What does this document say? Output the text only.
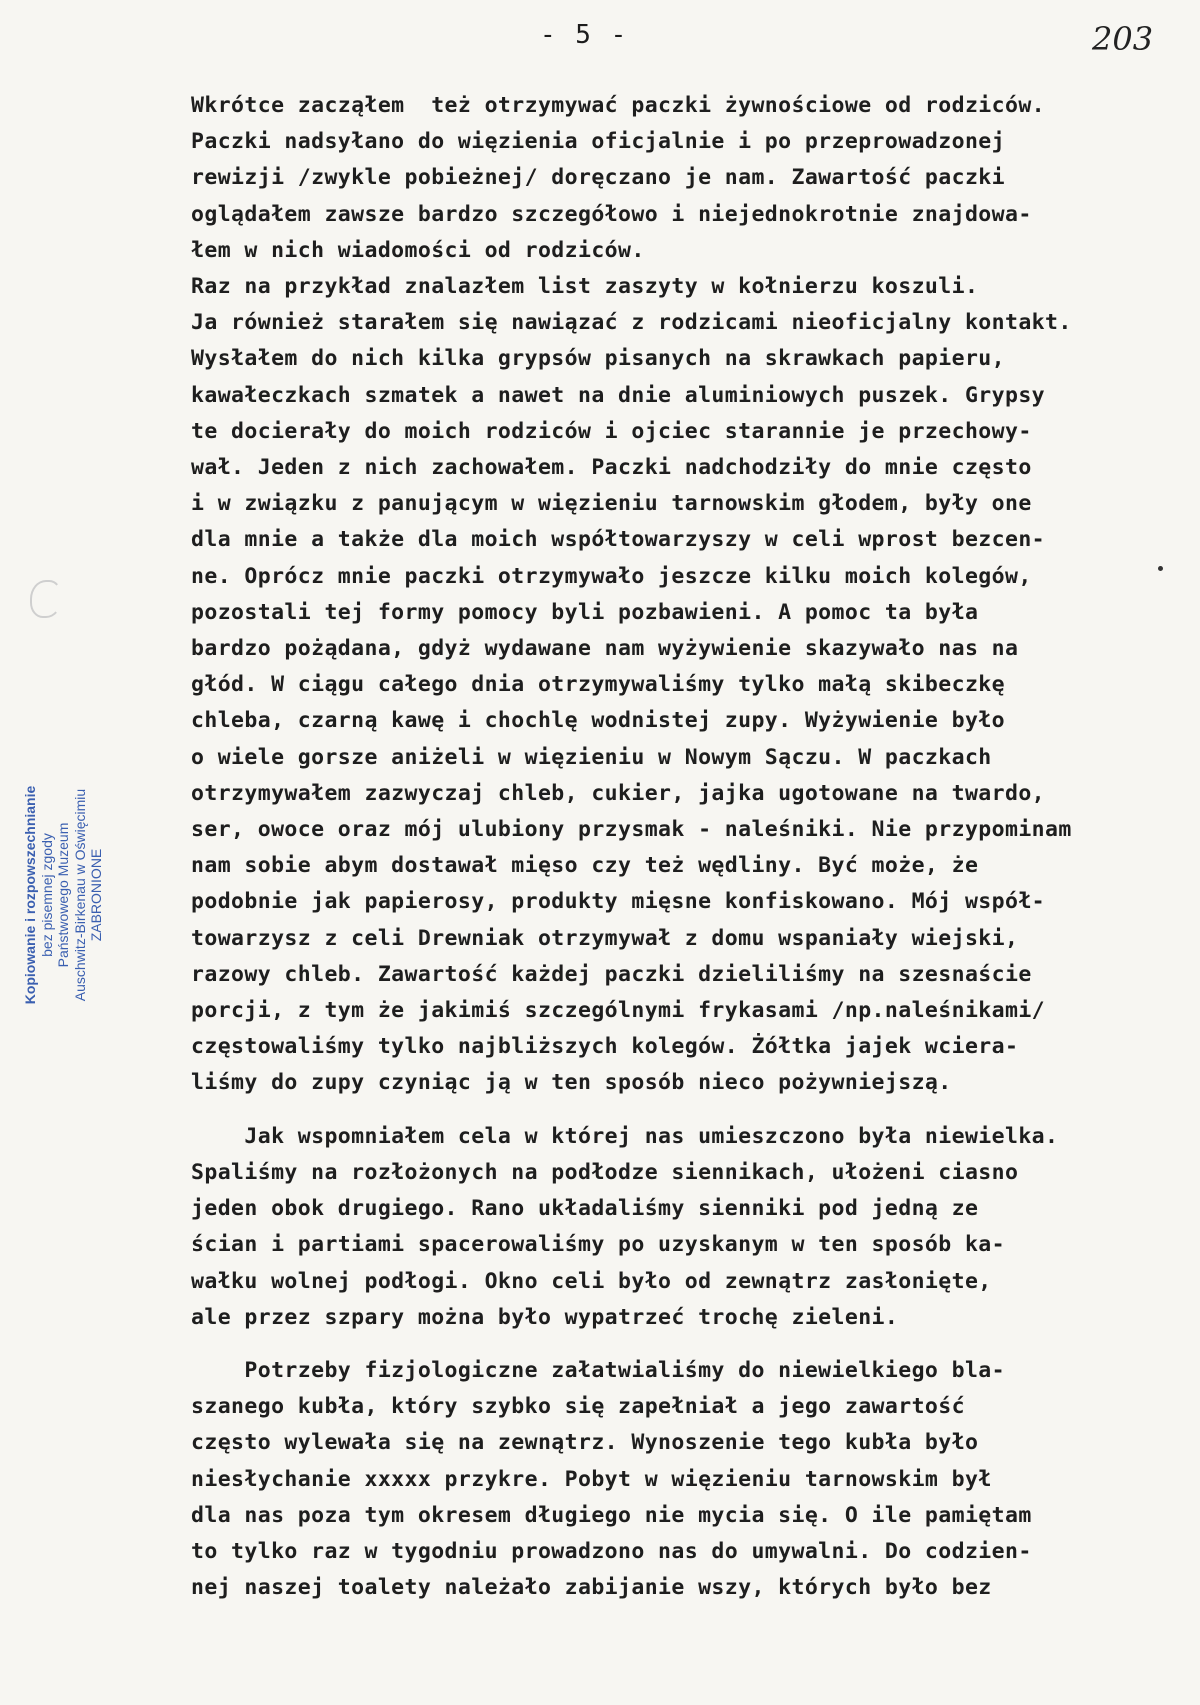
- 5 -	203
Kopiowanie i rozpowszechnianie bez pisemnej zgody Państwowego Muzeum Auschwitz-Birkenau w Oświęcimiu ZABRONIONE
Wkrótce zacząłem  też otrzymywać paczki żywnościowe od rodziców.
Paczki nadsyłano do więzienia oficjalnie i po przeprowadzonej
rewizji /zwykle pobieżnej/ doręczano je nam. Zawartość paczki
oglądałem zawsze bardzo szczegółowo i niejednokrotnie znajdowa-
łem w nich wiadomości od rodziców.
Raz na przykład znalazłem list zaszyty w kołnierzu koszuli.
Ja również starałem się nawiązać z rodzicami nieoficjalny kontakt.
Wysłałem do nich kilka grypsów pisanych na skrawkach papieru,
kawałeczkach szmatek a nawet na dnie aluminiowych puszek. Grypsy
te docierały do moich rodziców i ojciec starannie je przechowy-
wał. Jeden z nich zachowałem. Paczki nadchodziły do mnie często
i w związku z panującym w więzieniu tarnowskim głodem, były one
dla mnie a także dla moich współtowarzyszy w celi wprost bezcen-
ne. Oprócz mnie paczki otrzymywało jeszcze kilku moich kolegów,
pozostali tej formy pomocy byli pozbawieni. A pomoc ta była
bardzo pożądana, gdyż wydawane nam wyżywienie skazywało nas na
głód. W ciągu całego dnia otrzymywaliśmy tylko małą skibeczkę
chleba, czarną kawę i chochlę wodnistej zupy. Wyżywienie było
o wiele gorsze aniżeli w więzieniu w Nowym Sączu. W paczkach
otrzymywałem zazwyczaj chleb, cukier, jajka ugotowane na twardo,
ser, owoce oraz mój ulubiony przysmak - naleśniki. Nie przypominam
nam sobie abym dostawał mięso czy też wędliny. Być może, że
podobnie jak papierosy, produkty mięsne konfiskowano. Mój współ-
towarzysz z celi Drewniak otrzymywał z domu wspaniały wiejski,
razowy chleb. Zawartość każdej paczki dzieliliśmy na szesnaście
porcji, z tym że jakimiś szczególnymi frykasami /np.naleśnikami/
częstowaliśmy tylko najbliższych kolegów. Żółtka jajek wciera-
liśmy do zupy czyniąc ją w ten sposób nieco pożywniejszą.
Jak wspomniałem cela w której nas umieszczono była niewielka.
Spaliśmy na rozłożonych na podłodze siennikach, ułożeni ciasno
jeden obok drugiego. Rano układaliśmy sienniki pod jedną ze
ścian i partiami spacerowaliśmy po uzyskanym w ten sposób ka-
wałku wolnej podłogi. Okno celi było od zewnątrz zasłonięte,
ale przez szpary można było wypatrzeć trochę zieleni.
Potrzeby fizjologiczne załatwialiśmy do niewielkiego bla-
szanego kubła, który szybko się zapełniał a jego zawartość
często wylewała się na zewnątrz. Wynoszenie tego kubła było
niesłychanie xxxxx przykre. Pobyt w więzieniu tarnowskim był
dla nas poza tym okresem długiego nie mycia się. O ile pamiętam
to tylko raz w tygodniu prowadzono nas do umywalni. Do codzien-
nej naszej toalety należało zabijanie wszy, których było bez
